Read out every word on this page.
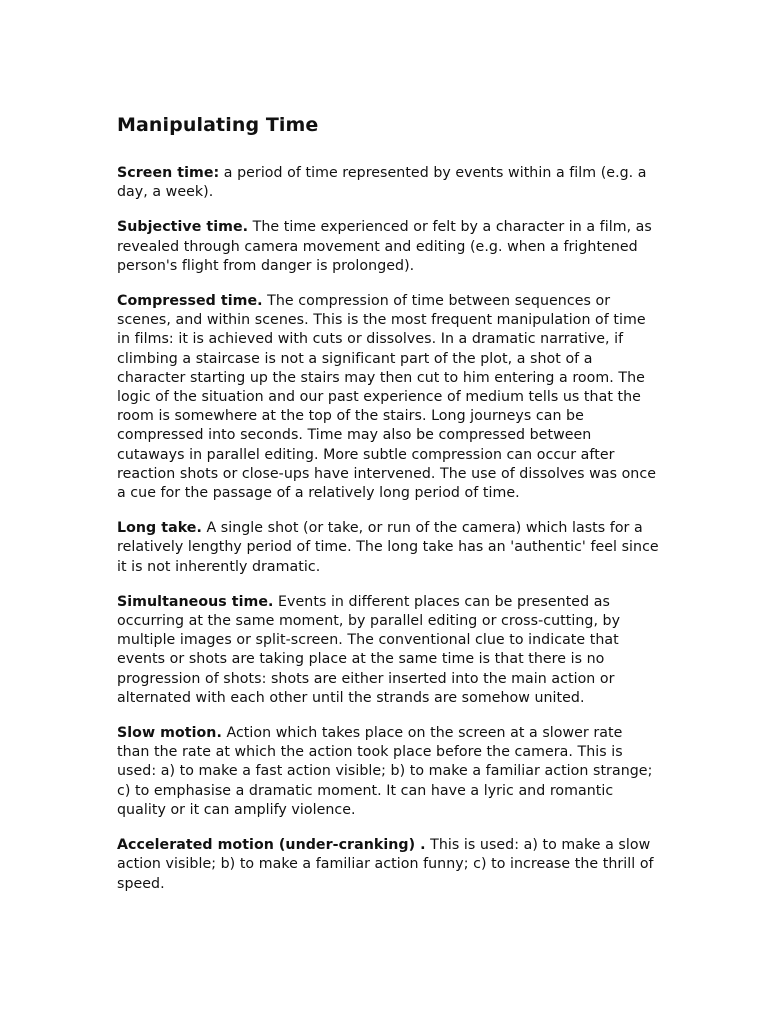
Manipulating Time

Screen time: a period of time represented by events within a film (e.g. a day, a week).

Subjective time. The time experienced or felt by a character in a film, as revealed through camera movement and editing (e.g. when a frightened person's flight from danger is prolonged).

Compressed time. The compression of time between sequences or scenes, and within scenes. This is the most frequent manipulation of time in films: it is achieved with cuts or dissolves. In a dramatic narrative, if climbing a staircase is not a significant part of the plot, a shot of a character starting up the stairs may then cut to him entering a room. The logic of the situation and our past experience of medium tells us that the room is somewhere at the top of the stairs. Long journeys can be compressed into seconds. Time may also be compressed between cutaways in parallel editing. More subtle compression can occur after reaction shots or close-ups have intervened. The use of dissolves was once a cue for the passage of a relatively long period of time.

Long take. A single shot (or take, or run of the camera) which lasts for a relatively lengthy period of time. The long take has an 'authentic' feel since it is not inherently dramatic.

Simultaneous time. Events in different places can be presented as occurring at the same moment, by parallel editing or cross-cutting, by multiple images or split-screen. The conventional clue to indicate that events or shots are taking place at the same time is that there is no progression of shots: shots are either inserted into the main action or alternated with each other until the strands are somehow united.

Slow motion. Action which takes place on the screen at a slower rate than the rate at which the action took place before the camera. This is used: a) to make a fast action visible; b) to make a familiar action strange; c) to emphasise a dramatic moment. It can have a lyric and romantic quality or it can amplify violence.

Accelerated motion (under-cranking) . This is used: a) to make a slow action visible; b) to make a familiar action funny; c) to increase the thrill of speed.
